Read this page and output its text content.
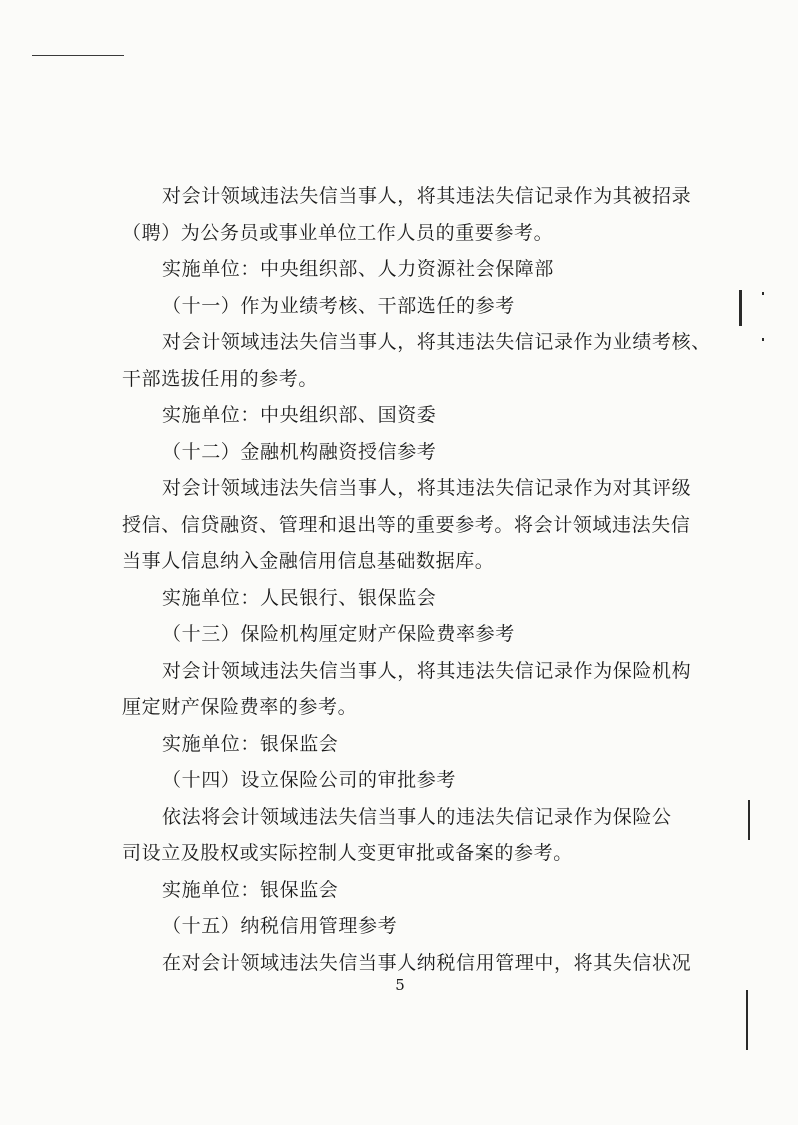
对会计领域违法失信当事人，将其违法失信记录作为其被招录
（聘）为公务员或事业单位工作人员的重要参考。
实施单位：中央组织部、人力资源社会保障部
（十一）作为业绩考核、干部选任的参考
对会计领域违法失信当事人，将其违法失信记录作为业绩考核、
干部选拔任用的参考。
实施单位：中央组织部、国资委
（十二）金融机构融资授信参考
对会计领域违法失信当事人，将其违法失信记录作为对其评级
授信、信贷融资、管理和退出等的重要参考。将会计领域违法失信
当事人信息纳入金融信用信息基础数据库。
实施单位：人民银行、银保监会
（十三）保险机构厘定财产保险费率参考
对会计领域违法失信当事人，将其违法失信记录作为保险机构
厘定财产保险费率的参考。
实施单位：银保监会
（十四）设立保险公司的审批参考
依法将会计领域违法失信当事人的违法失信记录作为保险公
司设立及股权或实际控制人变更审批或备案的参考。
实施单位：银保监会
（十五）纳税信用管理参考
在对会计领域违法失信当事人纳税信用管理中，将其失信状况
5
